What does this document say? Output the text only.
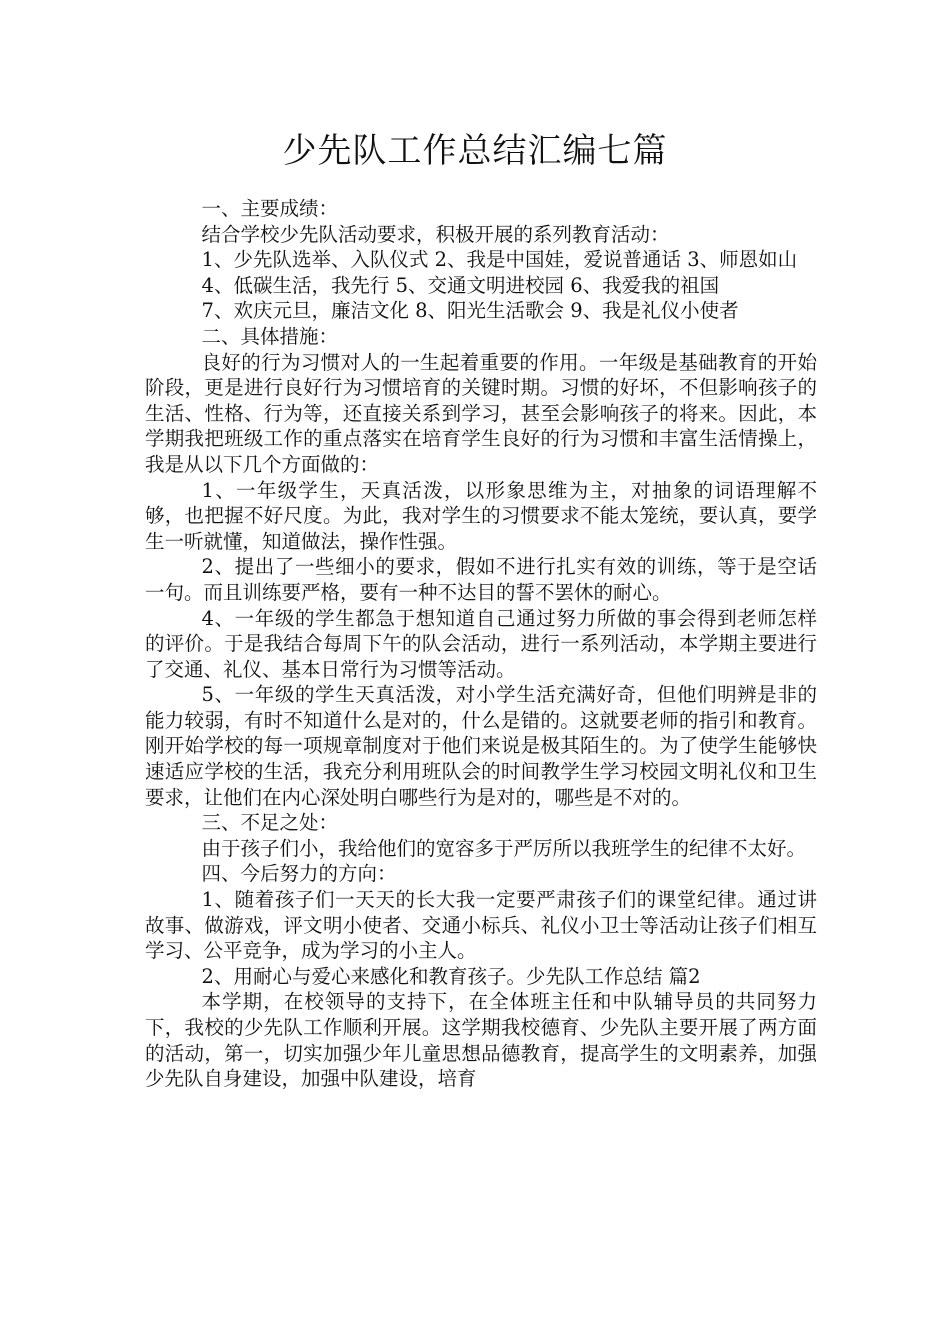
少先队工作总结汇编七篇

一、主要成绩：

结合学校少先队活动要求，积极开展的系列教育活动：

1、少先队选举、入队仪式 2、我是中国娃，爱说普通话 3、师恩如山

4、低碳生活，我先行 5、交通文明进校园 6、我爱我的祖国

7、欢庆元旦，廉洁文化 8、阳光生活歌会 9、我是礼仪小使者

二、具体措施：

良好的行为习惯对人的一生起着重要的作用。一年级是基础教育的开始阶段，更是进行良好行为习惯培育的关键时期。习惯的好坏，不但影响孩子的生活、性格、行为等，还直接关系到学习，甚至会影响孩子的将来。因此，本学期我把班级工作的重点落实在培育学生良好的行为习惯和丰富生活情操上，我是从以下几个方面做的：

1、一年级学生，天真活泼，以形象思维为主，对抽象的词语理解不够，也把握不好尺度。为此，我对学生的习惯要求不能太笼统，要认真，要学生一听就懂，知道做法，操作性强。

2、提出了一些细小的要求，假如不进行扎实有效的训练，等于是空话一句。而且训练要严格，要有一种不达目的誓不罢休的耐心。

4、一年级的学生都急于想知道自己通过努力所做的事会得到老师怎样的评价。于是我结合每周下午的队会活动，进行一系列活动，本学期主要进行了交通、礼仪、基本日常行为习惯等活动。

5、一年级的学生天真活泼，对小学生活充满好奇，但他们明辨是非的能力较弱，有时不知道什么是对的，什么是错的。这就要老师的指引和教育。刚开始学校的每一项规章制度对于他们来说是极其陌生的。为了使学生能够快速适应学校的生活，我充分利用班队会的时间教学生学习校园文明礼仪和卫生要求，让他们在内心深处明白哪些行为是对的，哪些是不对的。

三、不足之处：

由于孩子们小，我给他们的宽容多于严厉所以我班学生的纪律不太好。

四、今后努力的方向：

1、随着孩子们一天天的长大我一定要严肃孩子们的课堂纪律。通过讲故事、做游戏，评文明小使者、交通小标兵、礼仪小卫士等活动让孩子们相互学习、公平竞争，成为学习的小主人。

2、用耐心与爱心来感化和教育孩子。少先队工作总结 篇2

本学期，在校领导的支持下，在全体班主任和中队辅导员的共同努力下，我校的少先队工作顺利开展。这学期我校德育、少先队主要开展了两方面的活动，第一，切实加强少年儿童思想品德教育，提高学生的文明素养，加强少先队自身建设，加强中队建设，培育
